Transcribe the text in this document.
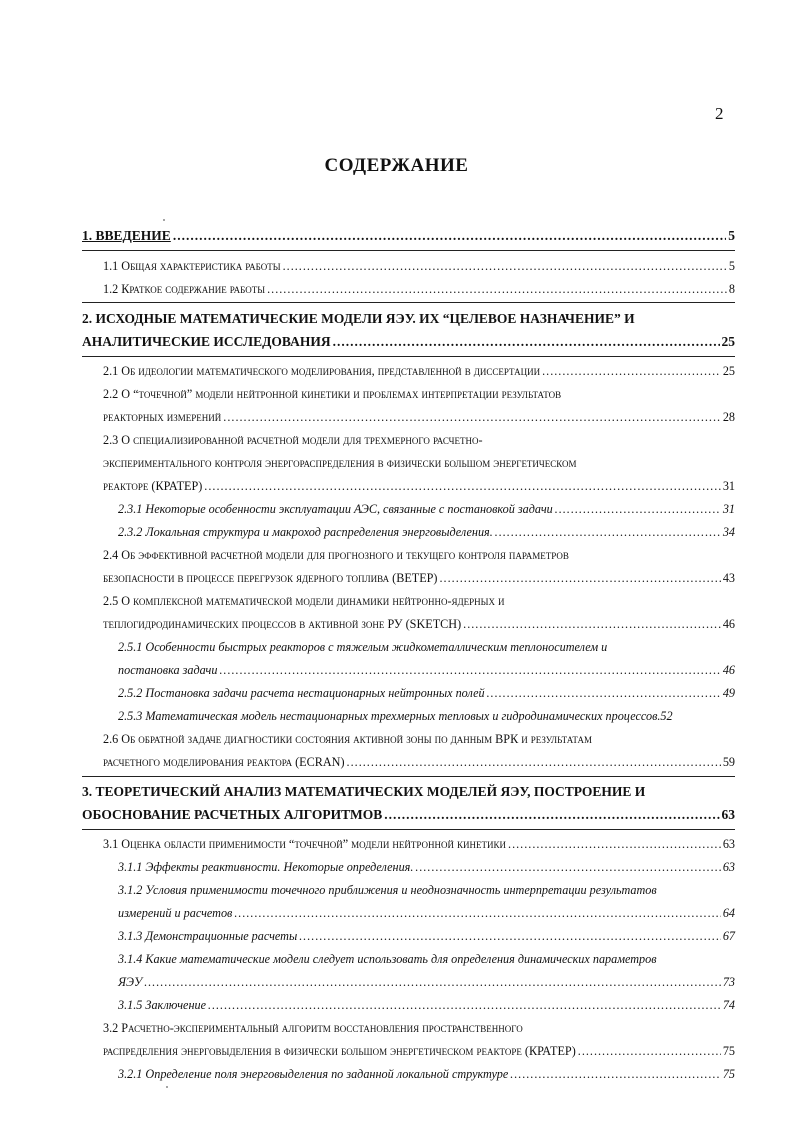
2
СОДЕРЖАНИЕ
1. ВВЕДЕНИЕ .....	5
1.1 Общая характеристика работы .....	5
1.2 Краткое содержание работы .....	8
2. ИСХОДНЫЕ МАТЕМАТИЧЕСКИЕ МОДЕЛИ ЯЭУ. ИХ “ЦЕЛЕВОЕ НАЗНАЧЕНИЕ” И
АНАЛИТИЧЕСКИЕ ИССЛЕДОВАНИЯ .....	25
2.1 Об идеологии математического моделирования, представленной в диссертации .....	25
2.2 О “точечной” модели нейтронной кинетики и проблемах интерпретации результатов
реакторных измерений .....	28
2.3 О специализированной расчетной модели для трехмерного расчетно-
экспериментального контроля энергораспределения в физически большом энергетическом
реакторе (КРАТЕР) .....	31
2.3.1 Некоторые особенности эксплуатации АЭС, связанные с постановкой задачи .....	31
2.3.2 Локальная структура и макроход распределения энерговыделения. .....	34
2.4 Об эффективной расчетной модели для прогнозного и текущего контроля параметров
безопасности в процессе перегрузок ядерного топлива (ВЕТЕР) .....	43
2.5 О комплексной математической модели динамики нейтронно-ядерных и
теплогидродинамических процессов в активной зоне РУ (SKETCH) .....	46
2.5.1 Особенности быстрых реакторов с тяжелым жидкометаллическим теплоносителем и
постановка задачи .....	46
2.5.2 Постановка задачи расчета нестационарных нейтронных полей .....	49
2.5.3 Математическая модель нестационарных трехмерных тепловых и гидродинамических процессов. 52
2.6 Об обратной задаче диагностики состояния активной зоны по данным ВРК и результатам
расчетного моделирования реактора (ECRAN) .....	59
3. ТЕОРЕТИЧЕСКИЙ АНАЛИЗ МАТЕМАТИЧЕСКИХ МОДЕЛЕЙ ЯЭУ, ПОСТРОЕНИЕ И
ОБОСНОВАНИЕ РАСЧЕТНЫХ АЛГОРИТМОВ .....	63
3.1 Оценка области применимости “точечной” модели нейтронной кинетики .....	63
3.1.1 Эффекты реактивности. Некоторые определения. .....	63
3.1.2 Условия применимости точечного приближения и неоднозначность интерпретации результатов
измерений и расчетов .....	64
3.1.3 Демонстрационные расчеты .....	67
3.1.4 Какие математические модели следует использовать для определения динамических параметров
ЯЭУ .....	73
3.1.5 Заключение .....	74
3.2 Расчетно-экспериментальный алгоритм восстановления пространственного
распределения энерговыделения в физически большом энергетическом реакторе (КРАТЕР) .....	75
3.2.1 Определение поля энерговыделения по заданной локальной структуре .....	75
